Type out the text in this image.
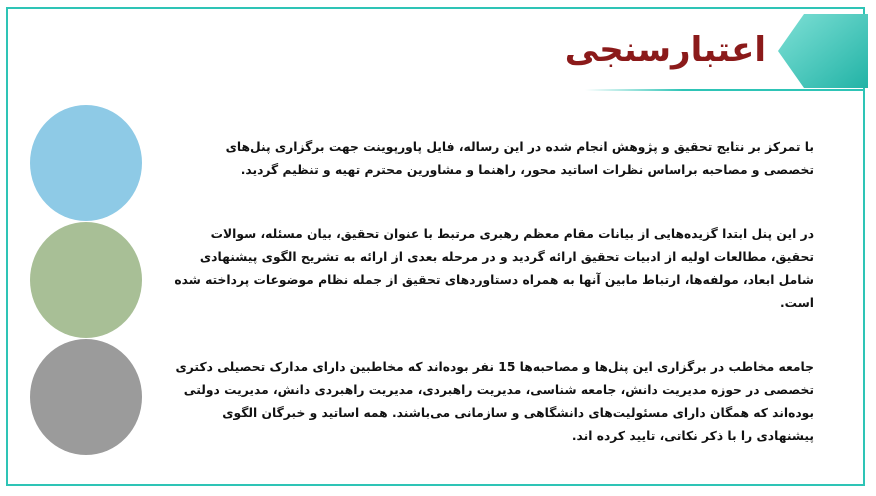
اعتبارسنجی

با تمرکز بر نتایج تحقیق و پژوهش انجام شده در این رساله، فایل پاورپوینت جهت برگزاری پنل‌های تخصصی و مصاحبه براساس نظرات اساتید محور، راهنما و مشاورین محترم تهیه و تنظیم گردید.

در این پنل ابتدا گزیده‌هایی از بیانات مقام معظم رهبری مرتبط با عنوان تحقیق، بیان مسئله، سوالات تحقیق، مطالعات اولیه از ادبیات تحقیق ارائه گردید و در مرحله بعدی از ارائه به تشریح الگوی پیشنهادی شامل ابعاد، مولفه‌ها، ارتباط مابین آنها به همراه دستاوردهای تحقیق از جمله نظام موضوعات پرداخته شده است.

جامعه مخاطب در برگزاری این پنل‌ها و مصاحبه‌ها 15 نفر بوده‌اند که مخاطبین دارای مدارک تحصیلی دکتری تخصصی در حوزه مدیریت دانش، جامعه شناسی، مدیریت راهبردی، مدیریت راهبردی دانش، مدیریت دولتی بوده‌اند که همگان دارای مسئولیت‌های دانشگاهی و سازمانی می‌باشند. همه اساتید و خبرگان الگوی پیشنهادی را با ذکر نکاتی، تایید کرده اند.
